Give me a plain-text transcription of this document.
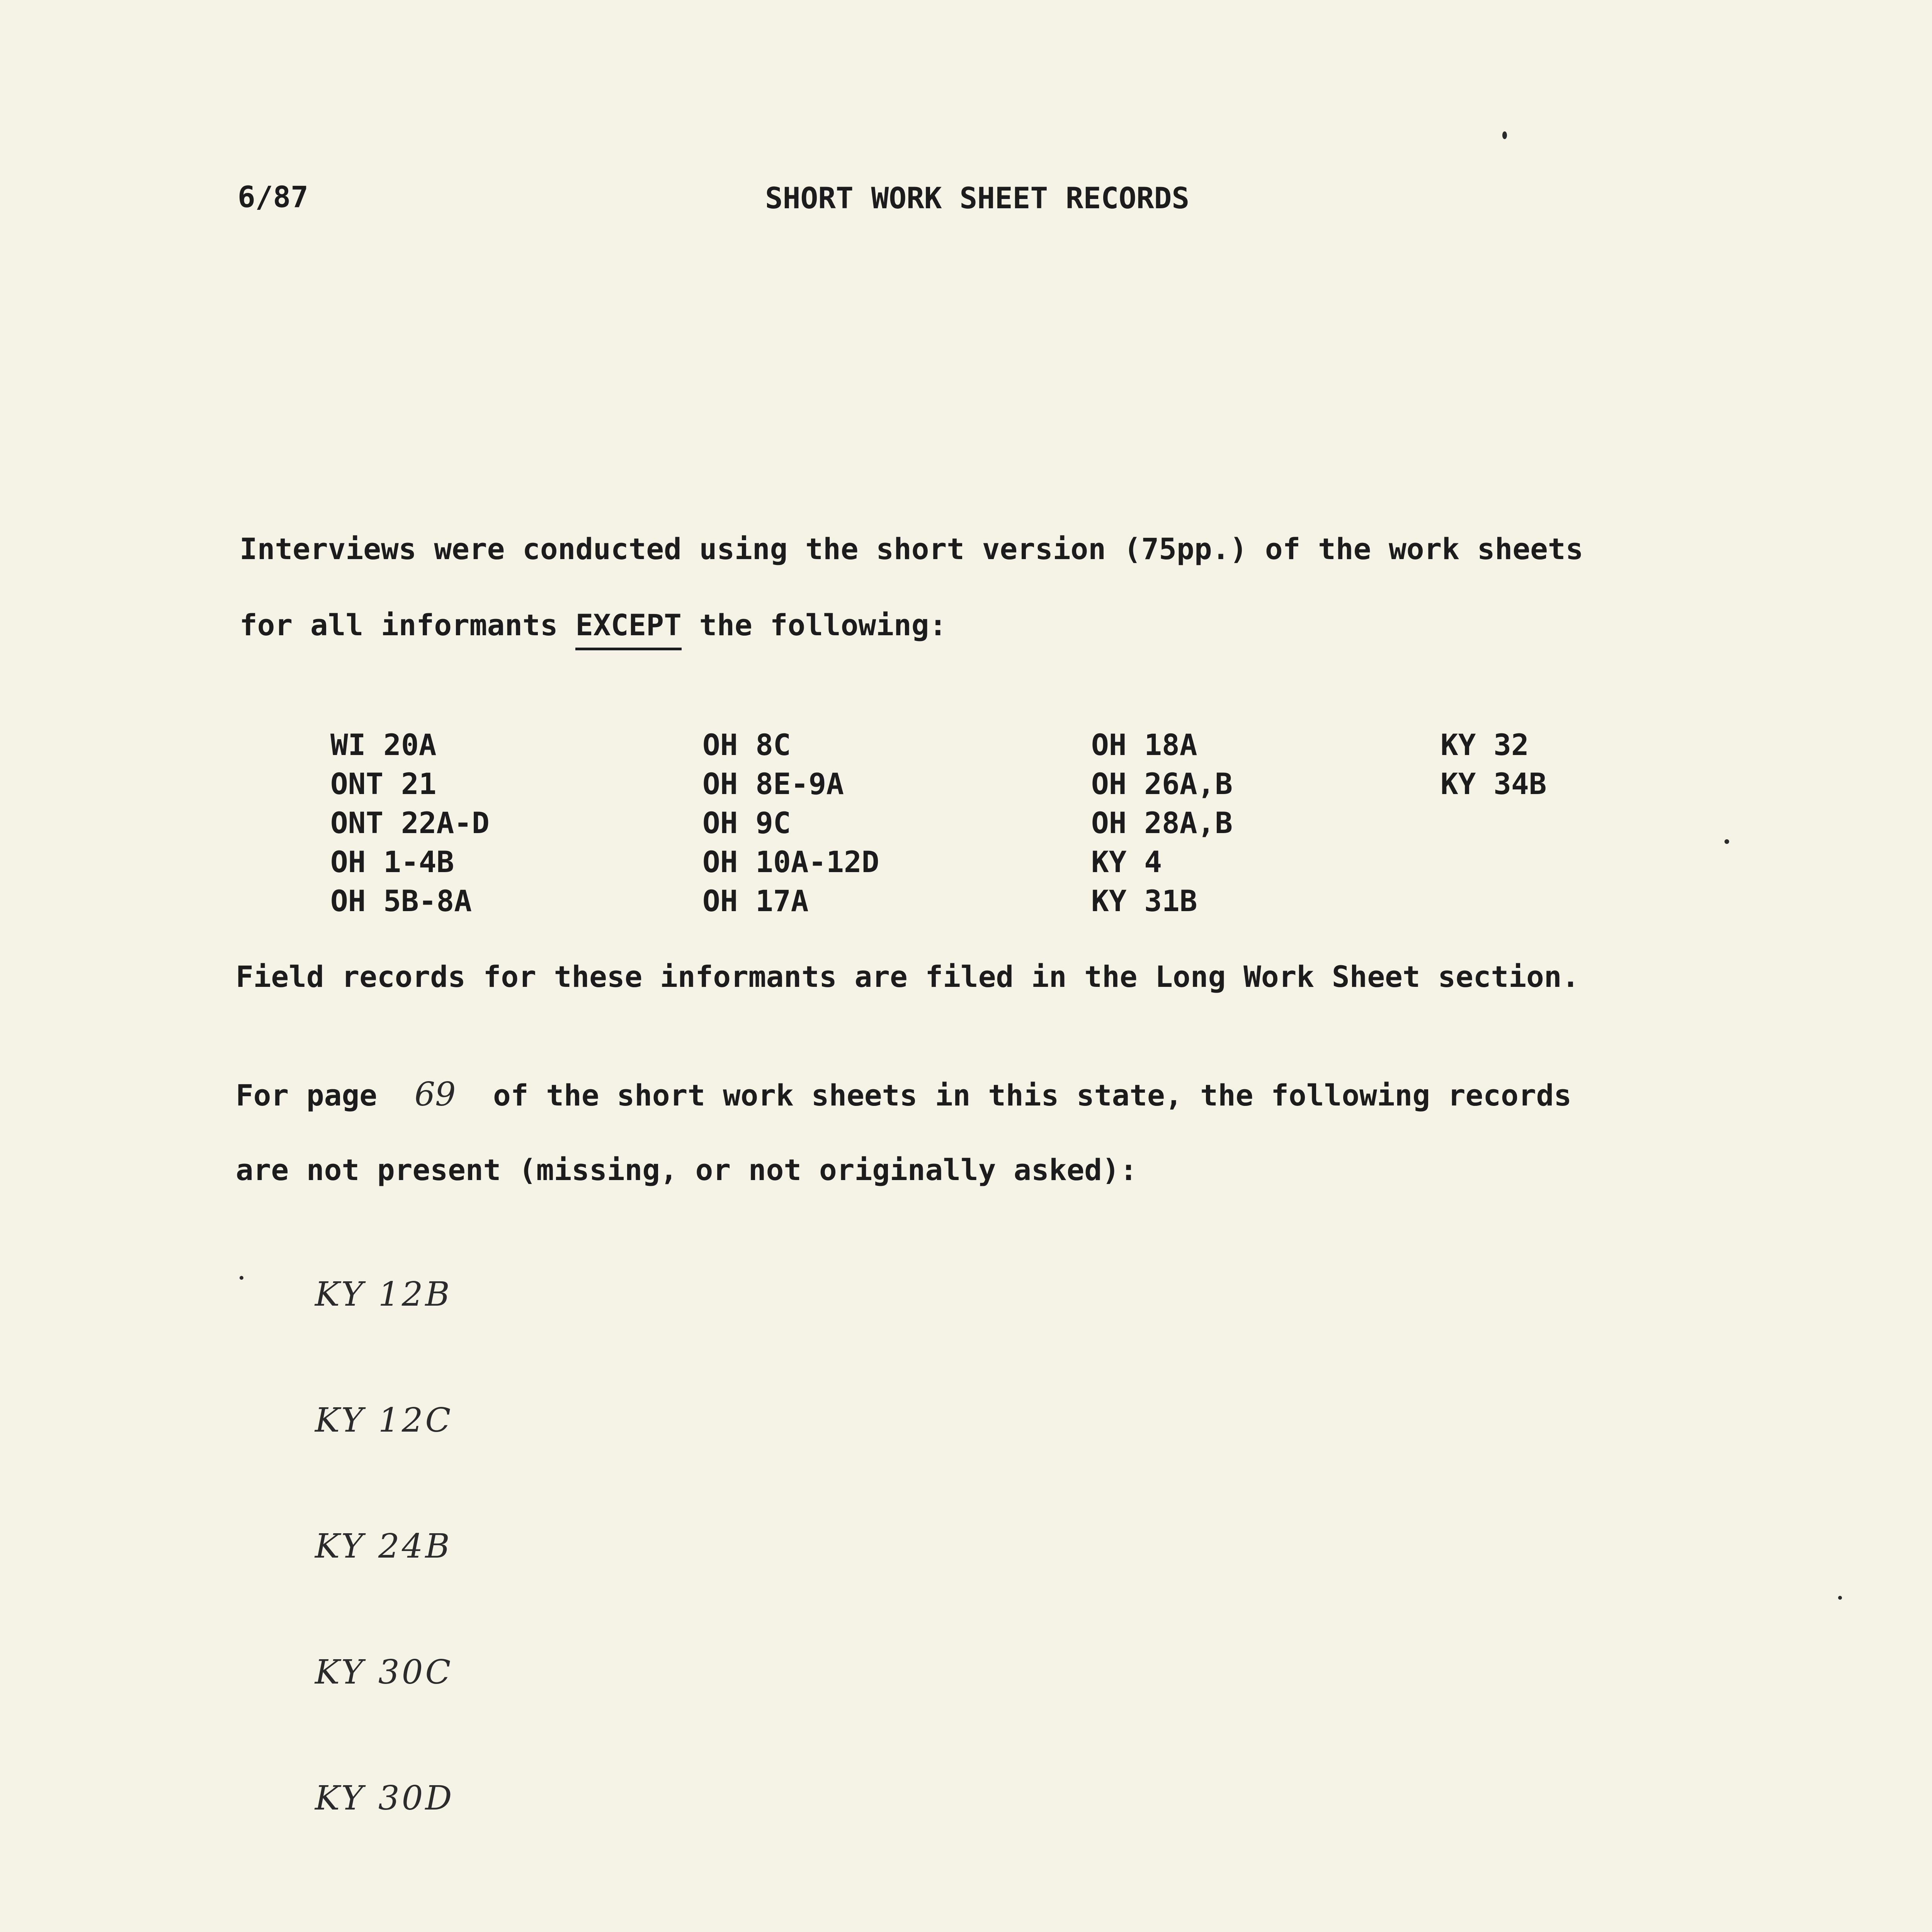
6/87	SHORT WORK SHEET RECORDS
Interviews were conducted using the short version (75pp.) of the work sheets
for all informants EXCEPT the following:
WI 20A
ONT 21
ONT 22A-D
OH 1-4B
OH 5B-8A
OH 8C
OH 8E-9A
OH 9C
OH 10A-12D
OH 17A
OH 18A
OH 26A,B
OH 28A,B
KY 4
KY 31B
KY 32
KY 34B
Field records for these informants are filed in the Long Work Sheet section.
For page 69 of the short work sheets in this state, the following records
are not present (missing, or not originally asked):
KY 12B
KY 12C
KY 24B
KY 30C
KY 30D
